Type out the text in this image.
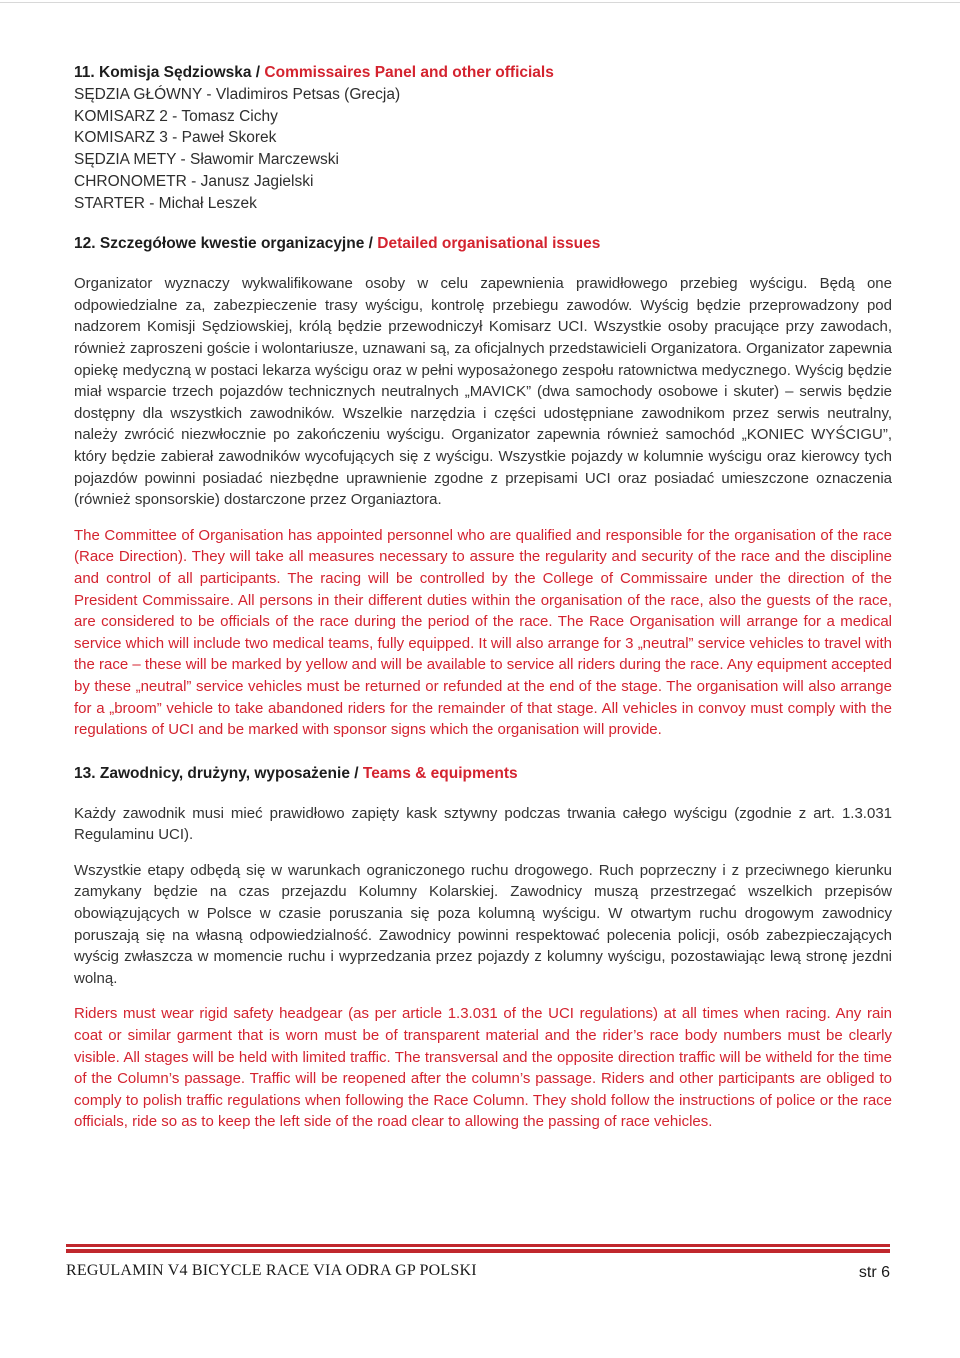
11. Komisja Sędziowska / Commissaires Panel and other officials
SĘDZIA GŁÓWNY - Vladimiros Petsas (Grecja)
KOMISARZ 2 - Tomasz Cichy
KOMISARZ 3 - Paweł Skorek
SĘDZIA METY - Sławomir Marczewski
CHRONOMETR - Janusz Jagielski
STARTER - Michał Leszek
12. Szczegółowe kwestie organizacyjne / Detailed organisational issues

Organizator wyznaczy wykwalifikowane osoby w celu zapewnienia prawidłowego przebieg wyścigu. Będą one odpowiedzialne za, zabezpieczenie trasy wyścigu, kontrolę przebiegu zawodów. Wyścig będzie przeprowadzony pod nadzorem Komisji Sędziowskiej, królą będzie przewodniczył Komisarz UCI. Wszystkie osoby pracujące przy zawodach, również zaproszeni goście i wolontariusze, uznawani są, za oficjalnych przedstawicieli Organizatora. Organizator zapewnia opiekę medyczną w postaci lekarza wyścigu oraz w pełni wyposażonego zespołu ratownictwa medycznego. Wyścig będzie miał wsparcie trzech pojazdów technicznych neutralnych „MAVICK” (dwa samochody osobowe i skuter) – serwis będzie dostępny dla wszystkich zawodników. Wszelkie narzędzia i części udostępniane zawodnikom przez serwis neutralny, należy zwrócić niezwłocznie po zakończeniu wyścigu. Organizator zapewnia również samochód „KONIEC WYŚCIGU”, który będzie zabierał zawodników wycofujących się z wyścigu. Wszystkie pojazdy w kolumnie wyścigu oraz kierowcy tych pojazdów powinni posiadać niezbędne uprawnienie zgodne z przepisami UCI oraz posiadać umieszczone oznaczenia (również sponsorskie) dostarczone przez Organiaztora.

The Committee of Organisation has appointed personnel who are qualified and responsible for the organisation of the race (Race Direction). They will take all measures necessary to assure the regularity and security of the race and the discipline and control of all participants. The racing will be controlled by the College of Commissaire under the direction of the President Commissaire. All persons in their different duties within the organisation of the race, also the guests of the race, are considered to be officials of the race during the period of the race. The Race Organisation will arrange for a medical service which will include two medical teams, fully equipped. It will also arrange for 3 „neutral” service vehicles to travel with the race – these will be marked by yellow and will be available to service all riders during the race. Any equipment accepted by these „neutral” service vehicles must be returned or refunded at the end of the stage. The organisation will also arrange for a „broom” vehicle to take abandoned riders for the remainder of that stage. All vehicles in convoy must comply with the regulations of UCI and be marked with sponsor signs which the organisation will provide.

13. Zawodnicy, drużyny, wyposażenie / Teams & equipments

Każdy zawodnik musi mieć prawidłowo zapięty kask sztywny podczas trwania całego wyścigu (zgodnie z art. 1.3.031 Regulaminu UCI).

Wszystkie etapy odbędą się w warunkach ograniczonego ruchu drogowego. Ruch poprzeczny i z przeciwnego kierunku zamykany będzie na czas przejazdu Kolumny Kolarskiej. Zawodnicy muszą przestrzegać wszelkich przepisów obowiązujących w Polsce w czasie poruszania się poza kolumną wyścigu. W otwartym ruchu drogowym zawodnicy poruszają się na własną odpowiedzialność. Zawodnicy powinni respektować polecenia policji, osób zabezpieczających wyścig zwłaszcza w momencie ruchu i wyprzedzania przez pojazdy z kolumny wyścigu, pozostawiając lewą stronę jezdni wolną.

Riders must wear rigid safety headgear (as per article 1.3.031 of the UCI regulations) at all times when racing. Any rain coat or similar garment that is worn must be of transparent material and the rider’s race body numbers must be clearly visible. All stages will be held with limited traffic. The transversal and the opposite direction traffic will be witheld for the time of the Column’s passage. Traffic will be reopened after the column’s passage. Riders and other participants are obliged to comply to polish traffic regulations when following the Race Column. They shold follow the instructions of police or the race officials, ride so as to keep the left side of the road clear to allowing the passing of race vehicles.

REGULAMIN V4 BICYCLE RACE VIA ODRA GP POLSKI	str 6
